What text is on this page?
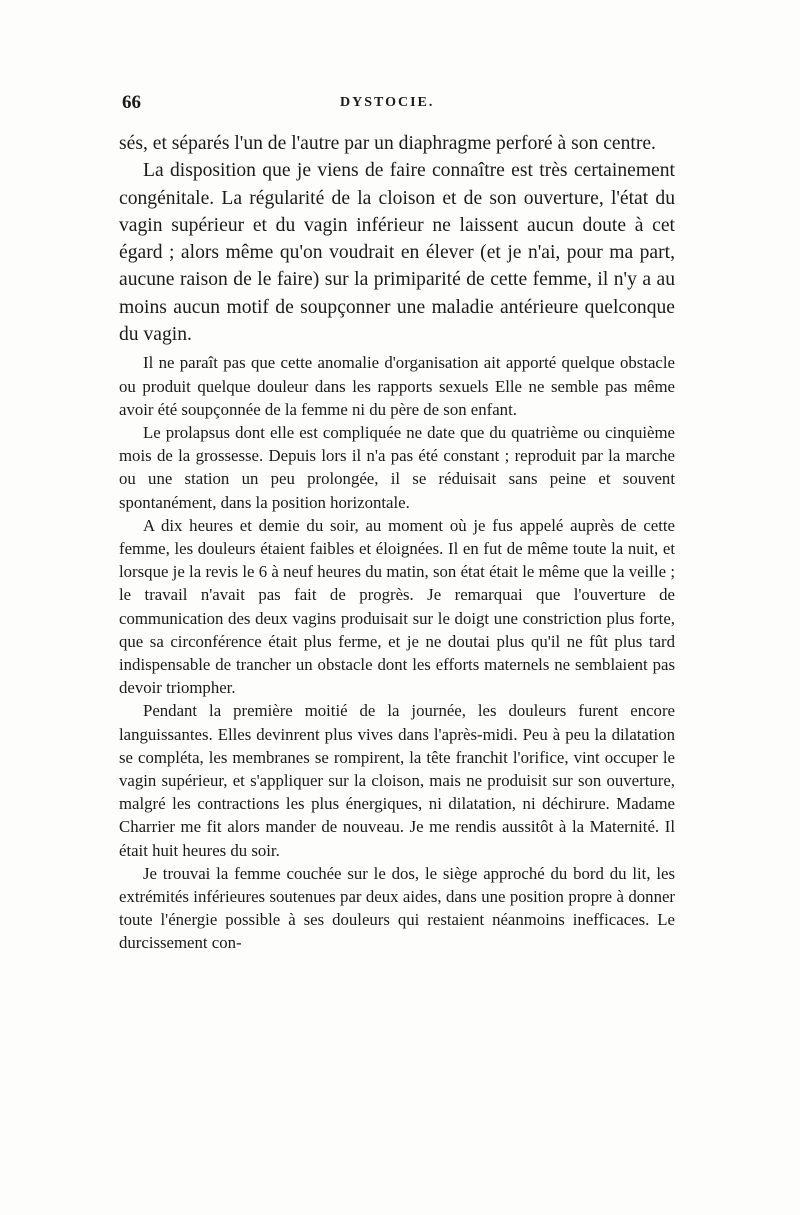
66	DYSTOCIE.

sés, et séparés l'un de l'autre par un diaphragme perforé à son centre.

La disposition que je viens de faire connaître est très certainement congénitale. La régularité de la cloison et de son ouverture, l'état du vagin supérieur et du vagin inférieur ne laissent aucun doute à cet égard ; alors même qu'on voudrait en élever (et je n'ai, pour ma part, aucune raison de le faire) sur la primiparité de cette femme, il n'y a au moins aucun motif de soupçonner une maladie antérieure quelconque du vagin.

Il ne paraît pas que cette anomalie d'organisation ait apporté quelque obstacle ou produit quelque douleur dans les rapports sexuels Elle ne semble pas même avoir été soupçonnée de la femme ni du père de son enfant.

Le prolapsus dont elle est compliquée ne date que du quatrième ou cinquième mois de la grossesse. Depuis lors il n'a pas été constant ; reproduit par la marche ou une station un peu prolongée, il se réduisait sans peine et souvent spontanément, dans la position horizontale.

A dix heures et demie du soir, au moment où je fus appelé auprès de cette femme, les douleurs étaient faibles et éloignées. Il en fut de même toute la nuit, et lorsque je la revis le 6 à neuf heures du matin, son état était le même que la veille ; le travail n'avait pas fait de progrès. Je remarquai que l'ouverture de communication des deux vagins produisait sur le doigt une constriction plus forte, que sa circonférence était plus ferme, et je ne doutai plus qu'il ne fût plus tard indispensable de trancher un obstacle dont les efforts maternels ne semblaient pas devoir triompher.

Pendant la première moitié de la journée, les douleurs furent encore languissantes. Elles devinrent plus vives dans l'après-midi. Peu à peu la dilatation se compléta, les membranes se rompirent, la tête franchit l'orifice, vint occuper le vagin supérieur, et s'appliquer sur la cloison, mais ne produisit sur son ouverture, malgré les contractions les plus énergiques, ni dilatation, ni déchirure. Madame Charrier me fit alors mander de nouveau. Je me rendis aussitôt à la Maternité. Il était huit heures du soir.

Je trouvai la femme couchée sur le dos, le siège approché du bord du lit, les extrémités inférieures soutenues par deux aides, dans une position propre à donner toute l'énergie possible à ses douleurs qui restaient néanmoins inefficaces. Le durcissement con-
